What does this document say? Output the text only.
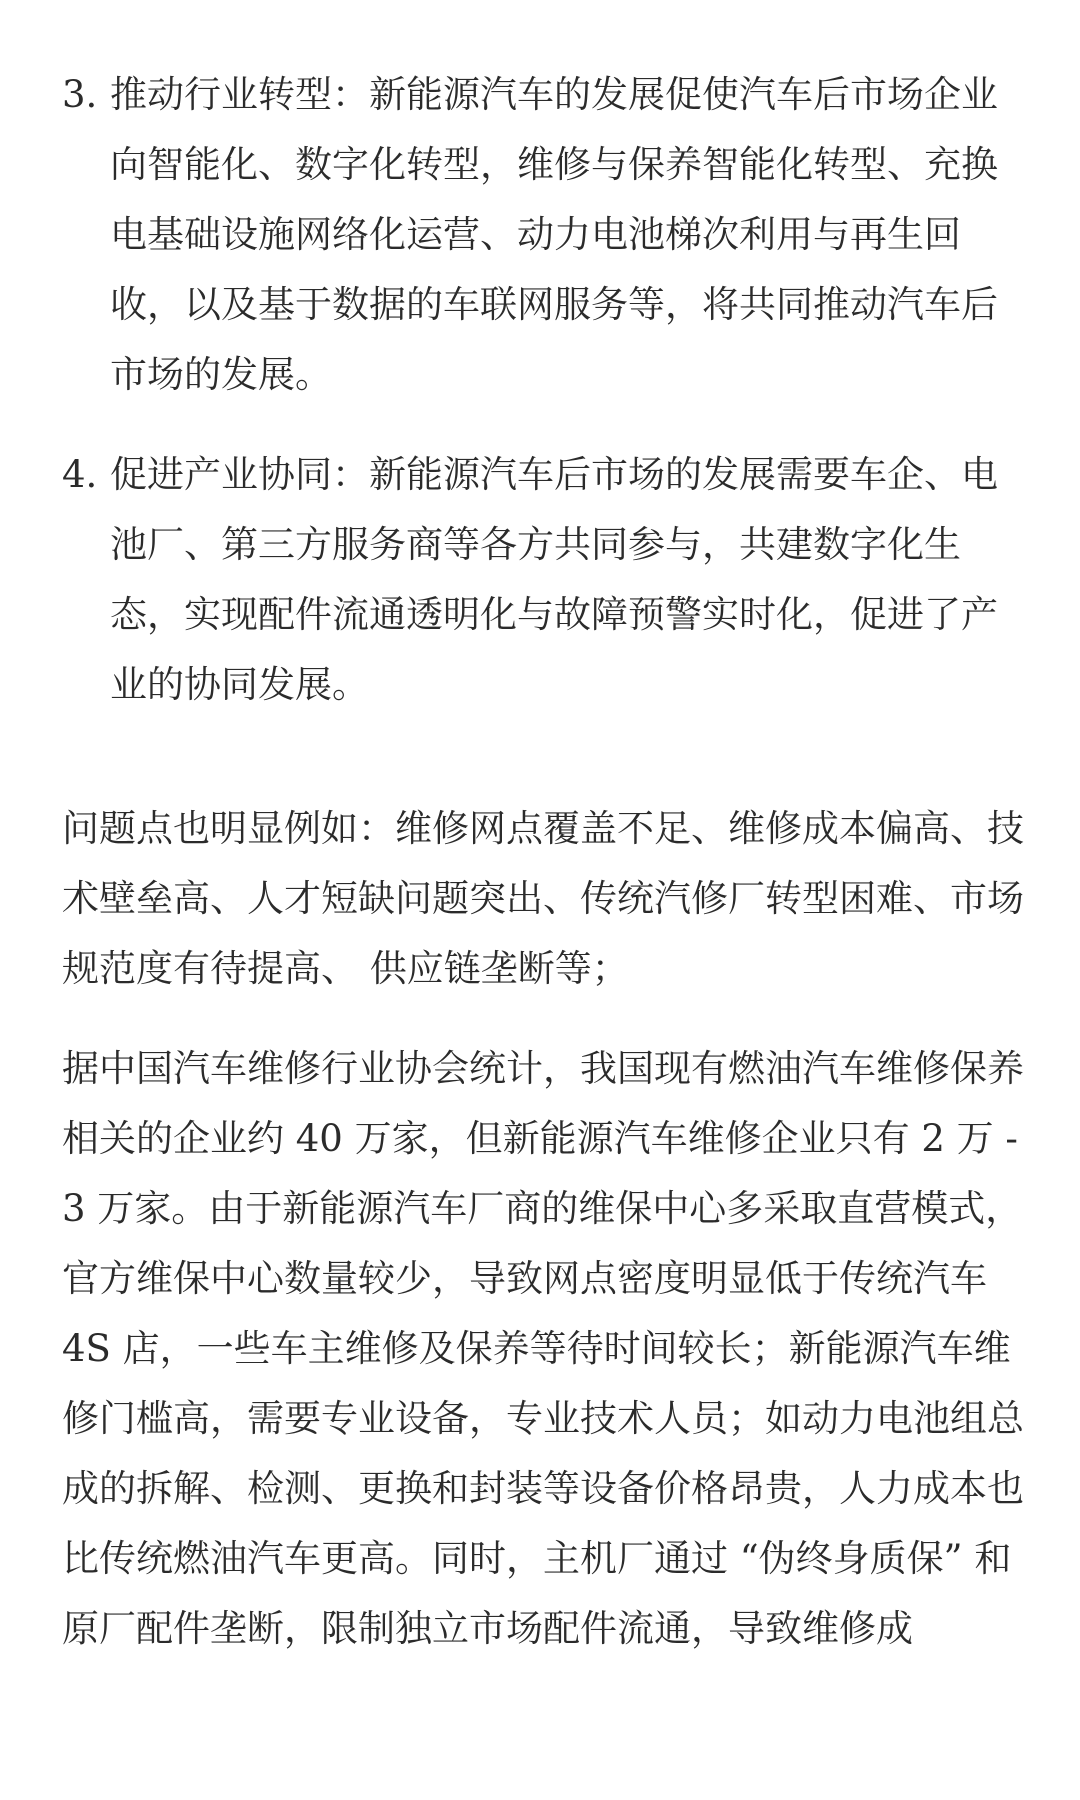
3. 推动行业转型：新能源汽车的发展促使汽车后市场企业向智能化、数字化转型，维修与保养智能化转型、充换电基础设施网络化运营、动力电池梯次利用与再生回收，以及基于数据的车联网服务等，将共同推动汽车后市场的发展。
4. 促进产业协同：新能源汽车后市场的发展需要车企、电池厂、第三方服务商等各方共同参与，共建数字化生态，实现配件流通透明化与故障预警实时化，促进了产业的协同发展。

问题点也明显例如：维修网点覆盖不足、维修成本偏高、技术壁垒高、人才短缺问题突出、传统汽修厂转型困难、市场规范度有待提高、 供应链垄断等；

据中国汽车维修行业协会统计，我国现有燃油汽车维修保养相关的企业约 40 万家，但新能源汽车维修企业只有 2 万 - 3 万家。由于新能源汽车厂商的维保中心多采取直营模式，官方维保中心数量较少，导致网点密度明显低于传统汽车 4S 店，一些车主维修及保养等待时间较长；新能源汽车维修门槛高，需要专业设备，专业技术人员；如动力电池组总成的拆解、检测、更换和封装等设备价格昂贵，人力成本也比传统燃油汽车更高。同时，主机厂通过 “伪终身质保” 和原厂配件垄断，限制独立市场配件流通，导致维修成
